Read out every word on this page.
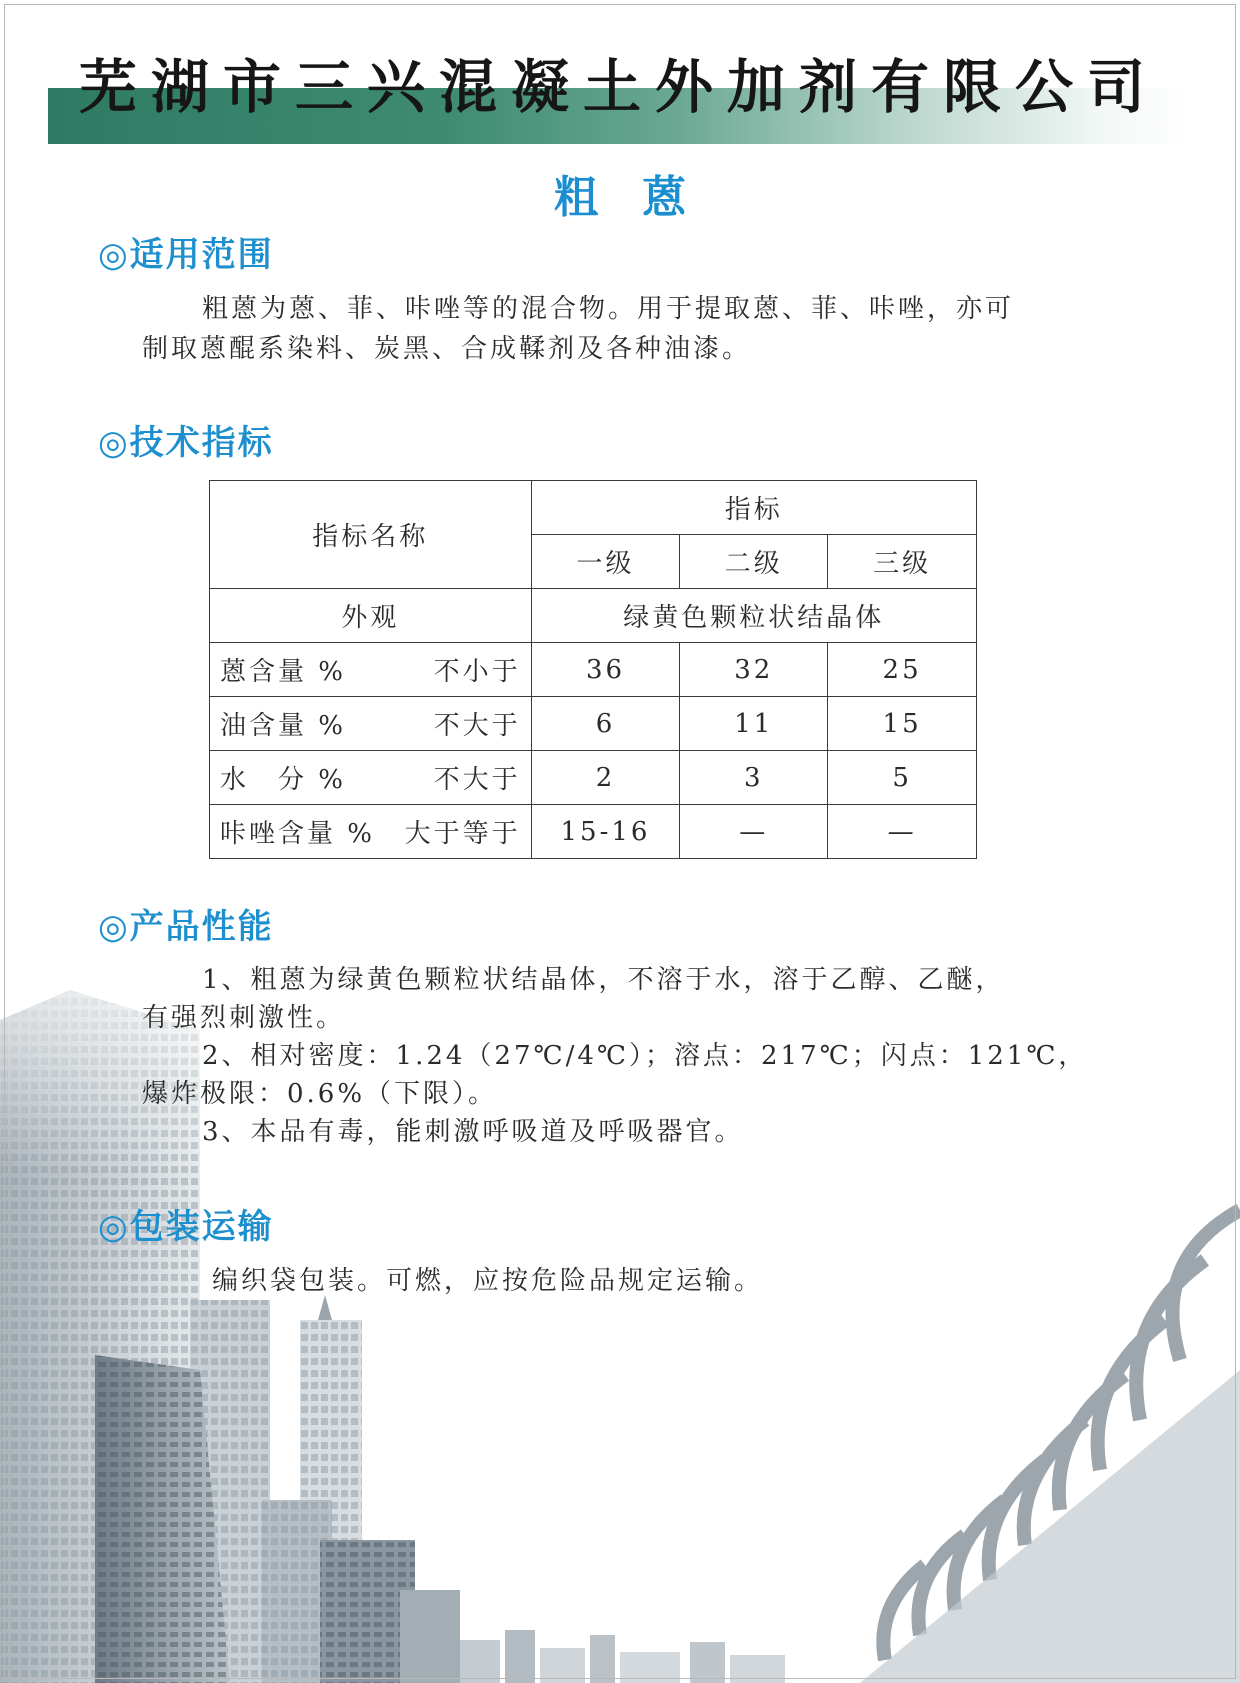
芜湖市三兴混凝土外加剂有限公司
粗蒽
◎适用范围
粗蒽为蒽、菲、咔唑等的混合物。用于提取蒽、菲、咔唑，亦可
制取蒽醌系染料、炭黑、合成鞣剂及各种油漆。
◎技术指标
指标名称	指标		
	一级	二级	三级
外观	绿黄色颗粒状结晶体		

蒽含量 % 不小于	36	32	25

油含量 % 不大于	6	11	15

水　分 % 不大于	2	3	5

咔唑含量 % 大于等于	15-16	—	—
◎产品性能
1、粗蒽为绿黄色颗粒状结晶体，不溶于水，溶于乙醇、乙醚，
有强烈刺激性。
2、相对密度：1.24（27℃/4℃）；溶点：217℃；闪点：121℃，
爆炸极限：0.6%（下限）。
3、本品有毒，能刺激呼吸道及呼吸器官。
◎包装运输
编织袋包装。可燃，应按危险品规定运输。
